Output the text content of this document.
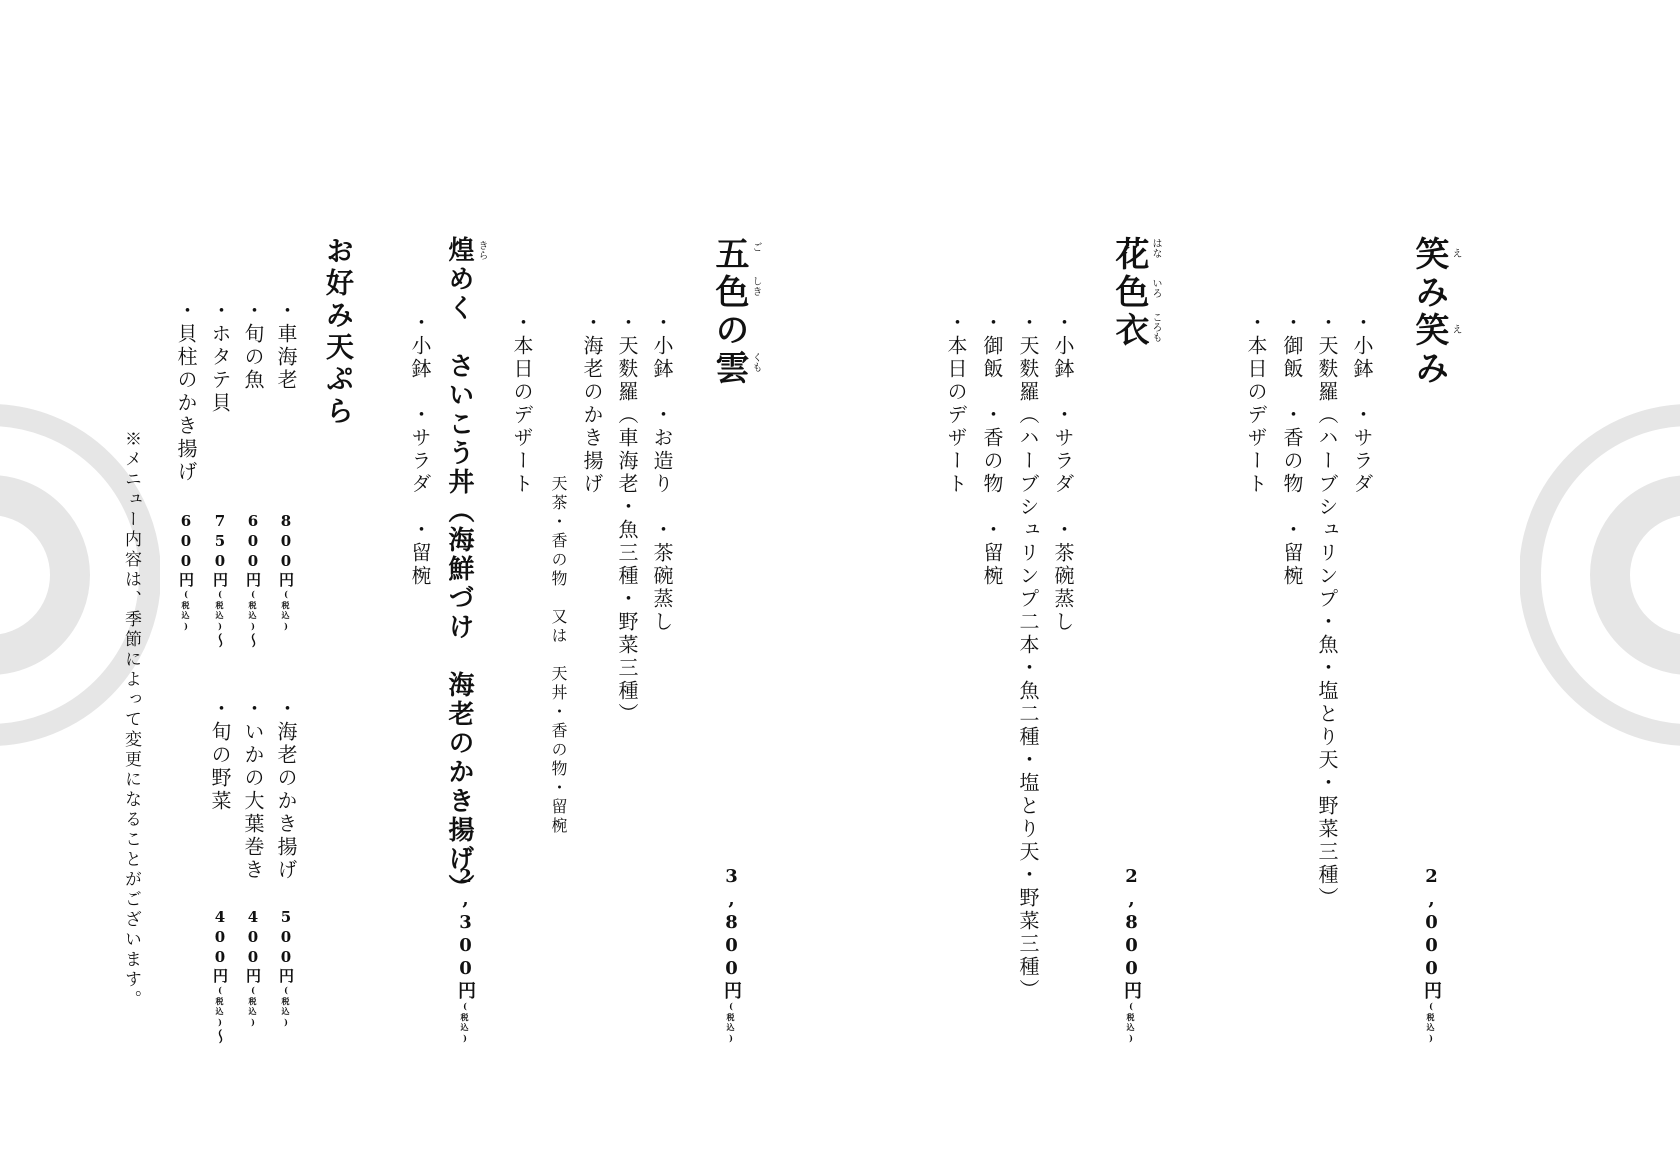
笑み笑み え
え
・小鉢　・サラダ
・天麩羅（ハーブシュリンプ・魚・塩とり天・野菜三種）
・御飯　・香の物　・留椀
・本日のデザート
2,000円(税込)
花色衣 はな
いろ
ころも
・小鉢　・サラダ　・茶碗蒸し
・天麩羅（ハーブシュリンプ二本・魚二種・塩とり天・野菜三種）
・御飯　・香の物　・留椀
・本日のデザート
2,800円(税込)
五色の雲 ご
しき
くも
・小鉢　・お造り　・茶碗蒸し
・天麩羅（車海老・魚三種・野菜三種）
・海老のかき揚げ
天茶・香の物　又は　天丼・香の物・留椀
・本日のデザート
3,800円(税込)
煌めく　さいこう丼（海鮮づけ　海老のかき揚げ） きら
・小鉢　・サラダ　・留椀
2,300円(税込)
お好み天ぷら
・車海老
・旬の魚
・ホタテ貝
・貝柱のかき揚げ
800円(税込)
600円(税込)〜
750円(税込)〜
600円(税込)
・海老のかき揚げ
・いかの大葉巻き
・旬の野菜
500円(税込)
400円(税込)
400円(税込)〜
※メニュー内容は、季節によって変更になることがございます。
